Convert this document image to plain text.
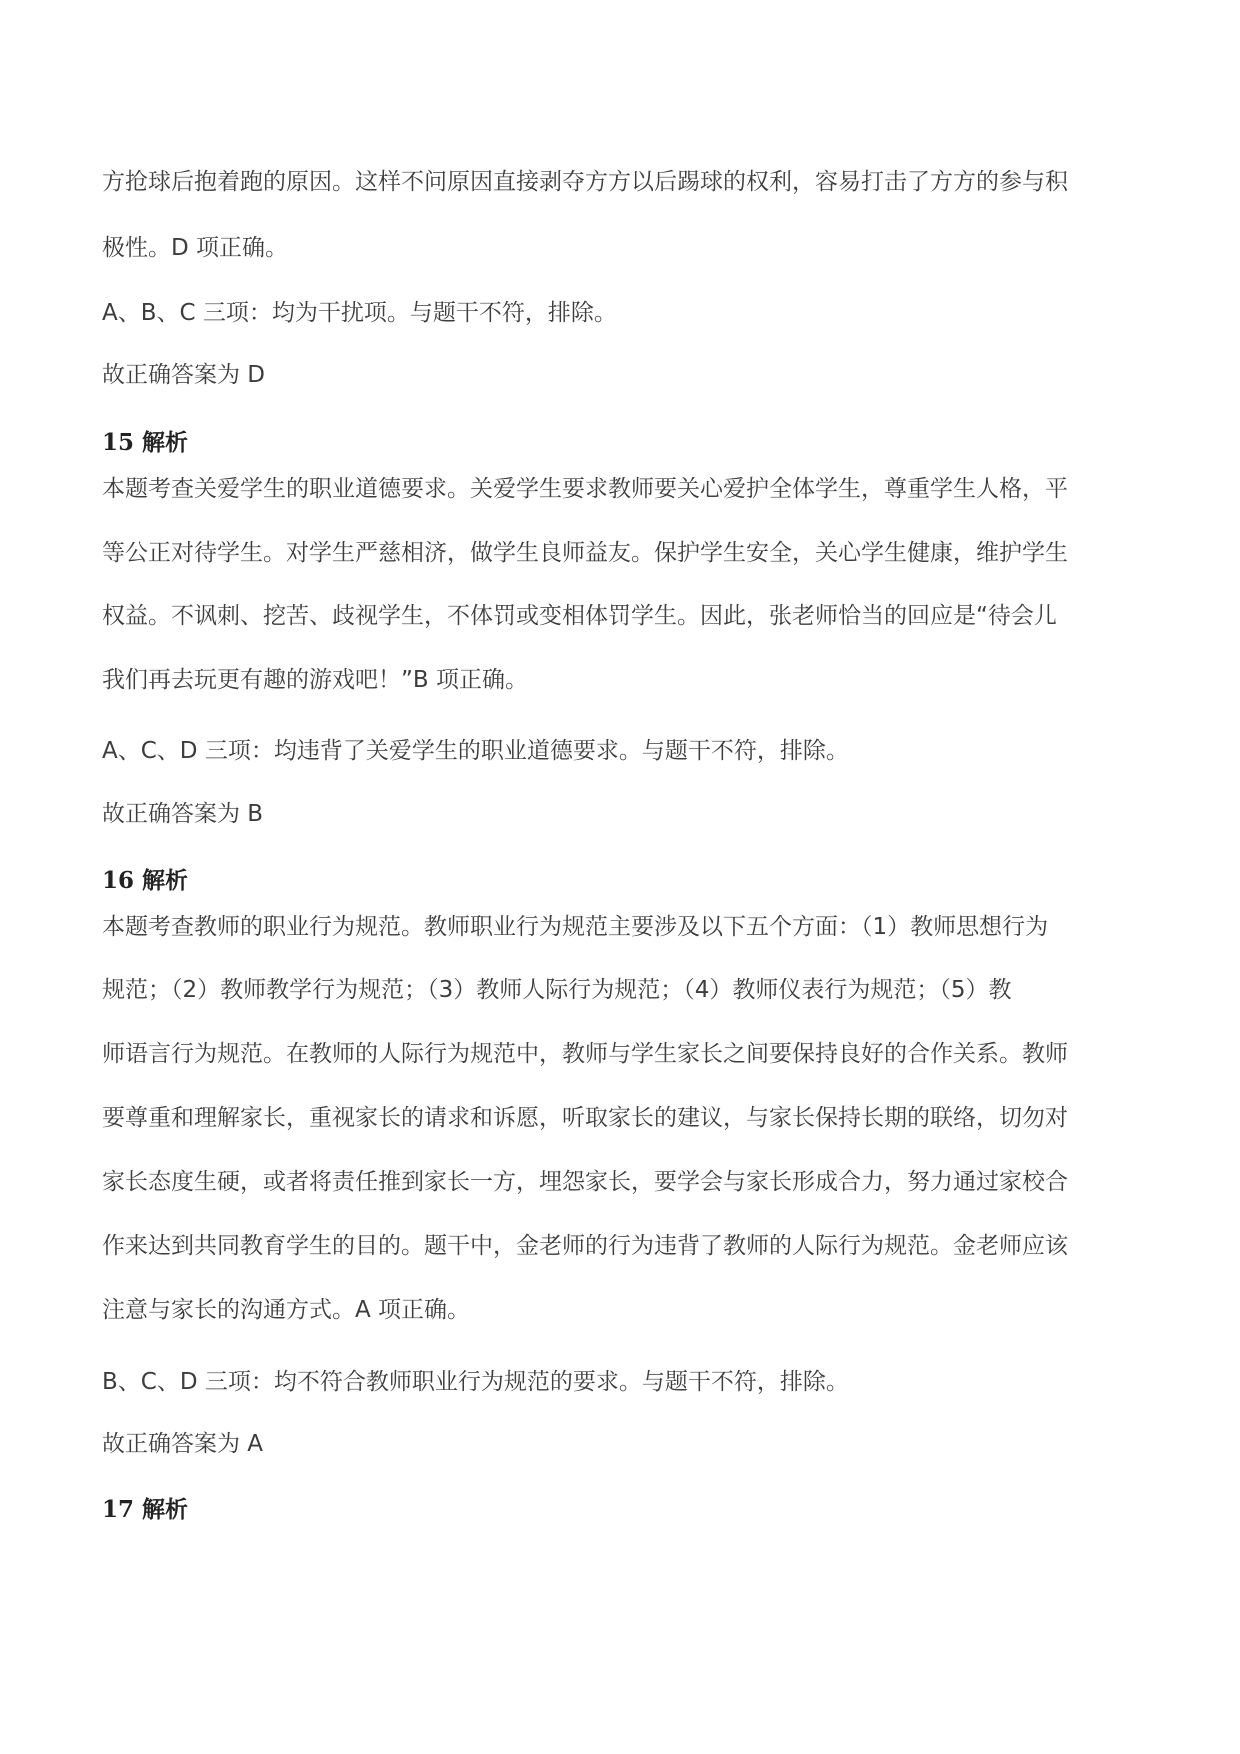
方抢球后抱着跑的原因。这样不问原因直接剥夺方方以后踢球的权利，容易打击了方方的参与积
极性。D 项正确。
A、B、C 三项：均为干扰项。与题干不符，排除。
故正确答案为 D
15 解析
本题考查关爱学生的职业道德要求。关爱学生要求教师要关心爱护全体学生，尊重学生人格，平
等公正对待学生。对学生严慈相济，做学生良师益友。保护学生安全，关心学生健康，维护学生
权益。不讽刺、挖苦、歧视学生，不体罚或变相体罚学生。因此，张老师恰当的回应是“待会儿
我们再去玩更有趣的游戏吧！”B 项正确。
A、C、D 三项：均违背了关爱学生的职业道德要求。与题干不符，排除。
故正确答案为 B
16 解析
本题考查教师的职业行为规范。教师职业行为规范主要涉及以下五个方面：（1）教师思想行为
规范；（2）教师教学行为规范；（3）教师人际行为规范；（4）教师仪表行为规范；（5）教
师语言行为规范。在教师的人际行为规范中，教师与学生家长之间要保持良好的合作关系。教师
要尊重和理解家长，重视家长的请求和诉愿，听取家长的建议，与家长保持长期的联络，切勿对
家长态度生硬，或者将责任推到家长一方，埋怨家长，要学会与家长形成合力，努力通过家校合
作来达到共同教育学生的目的。题干中，金老师的行为违背了教师的人际行为规范。金老师应该
注意与家长的沟通方式。A 项正确。
B、C、D 三项：均不符合教师职业行为规范的要求。与题干不符，排除。
故正确答案为 A
17 解析
